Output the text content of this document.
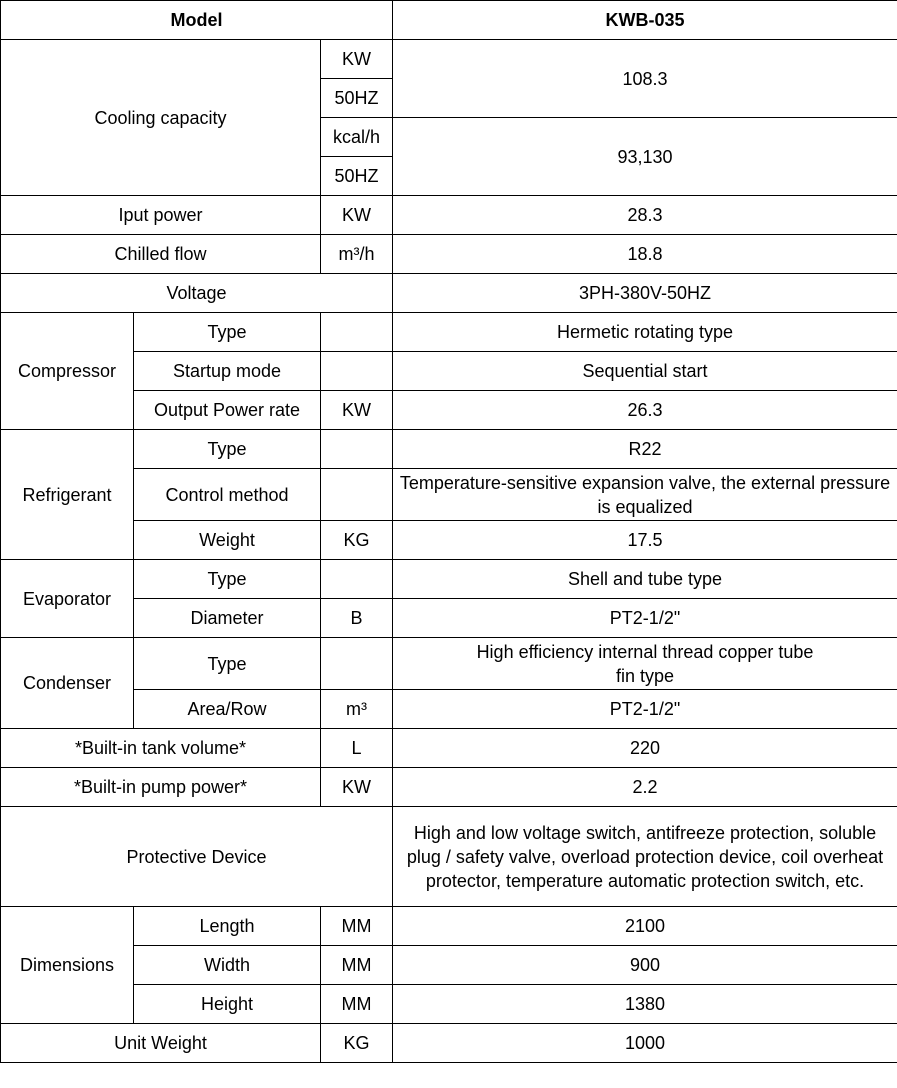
Model			KWB-035
Cooling capacity		KW	108.3
		50HZ	
		kcal/h	93,130
		50HZ	
Iput power		KW	28.3
Chilled flow		m³/h	18.8
Voltage			3PH-380V-50HZ
Compressor	Type		Hermetic rotating type
	Startup mode		Sequential start
	Output Power rate	KW	26.3
Refrigerant	Type		R22
	Control method		Temperature-sensitive expansion valve, the external pressure is equalized
	Weight	KG	17.5
Evaporator	Type		Shell and tube type
	Diameter	B	PT2-1/2"
Condenser	Type		High efficiency internal thread copper tube
fin type

	Area/Row	m³	PT2-1/2"
*Built-in tank volume*		L	220
*Built-in pump power*		KW	2.2
Protective Device			High and low voltage switch, antifreeze protection, soluble plug / safety valve, overload protection device, coil overheat protector, temperature automatic protection switch, etc.
Dimensions	Length	MM	2100
	Width	MM	900
	Height	MM	1380
Unit Weight		KG	1000
